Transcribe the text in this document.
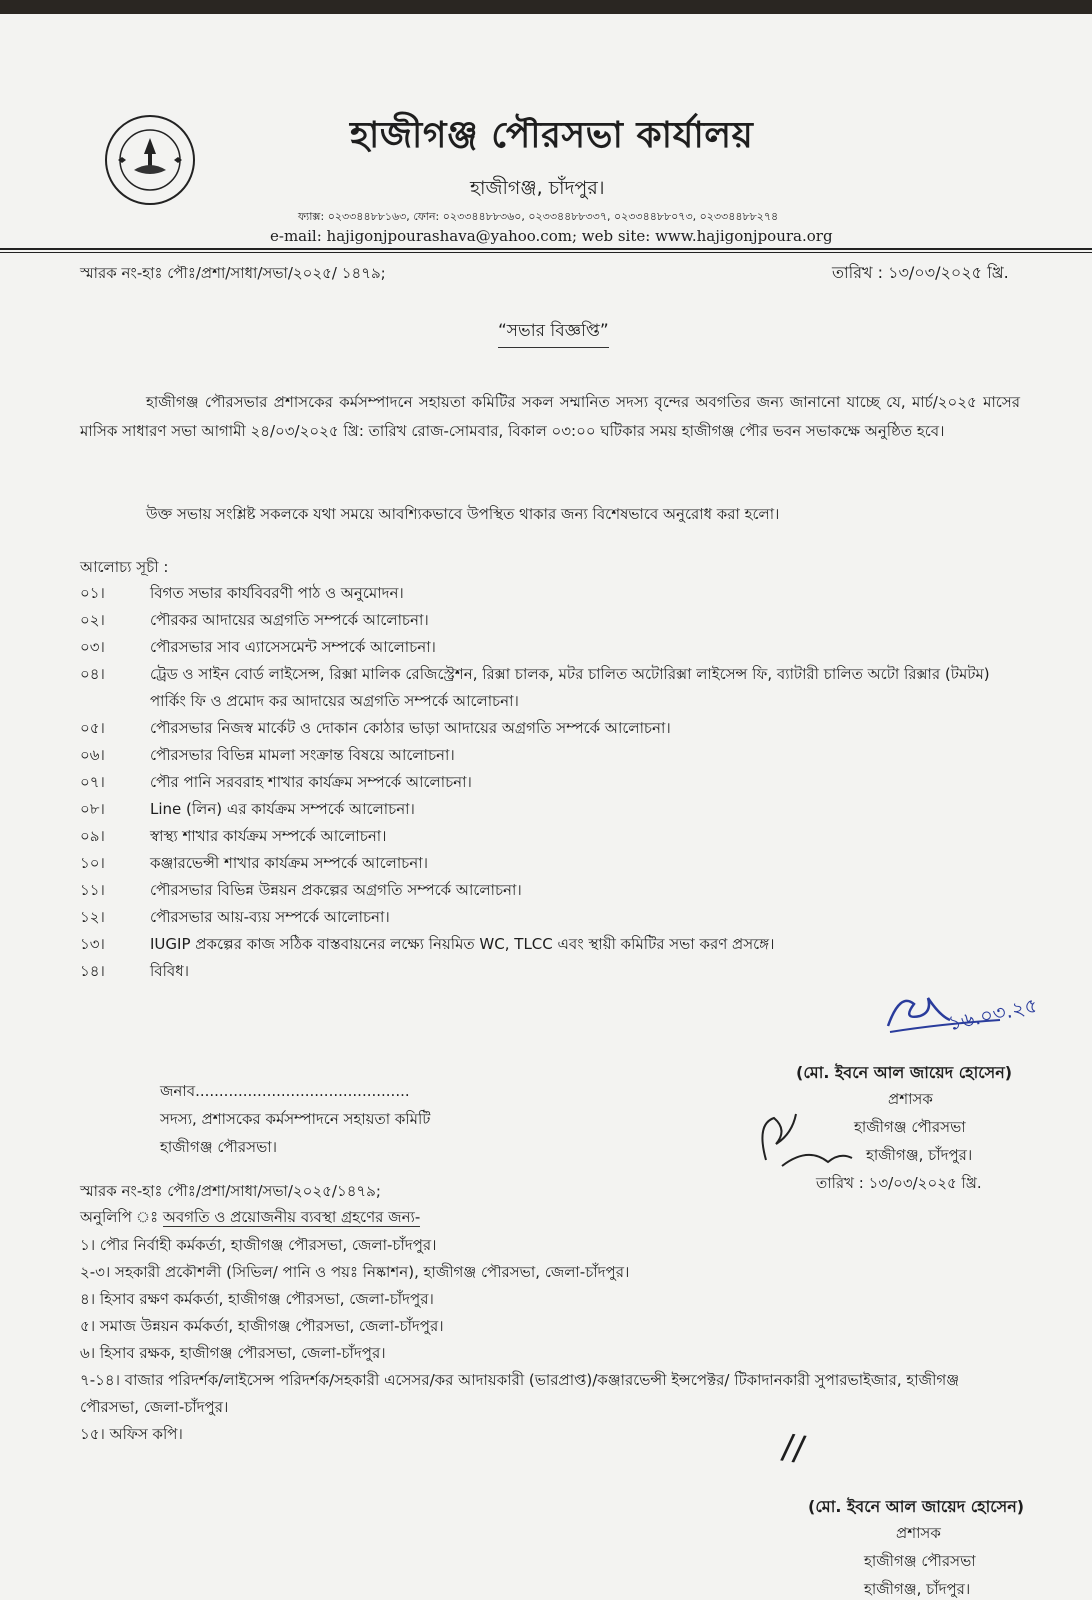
হাজীগঞ্জ পৌরসভা কার্যালয়
হাজীগঞ্জ, চাঁদপুর।
ফ্যাক্স: ০২৩৩৪৪৮৮১৬৩, ফোন: ০২৩৩৪৪৮৮৩৬০, ০২৩৩৪৪৮৮৩৩৭, ০২৩৩৪৪৮৮০৭৩, ০২৩৩৪৪৮৮২৭৪
e-mail: hajigonjpourashava@yahoo.com; web site: www.hajigonjpoura.org
স্মারক নং-হাঃ পৌঃ/প্রশা/সাধা/সভা/২০২৫/ ১৪৭৯;	তারিখ : ১৩/০৩/২০২৫ খ্রি.
“সভার বিজ্ঞপ্তি”
হাজীগঞ্জ পৌরসভার প্রশাসকের কর্মসম্পাদনে সহায়তা কমিটির সকল সম্মানিত সদস্য বৃন্দের অবগতির জন্য জানানো যাচ্ছে যে, মার্চ/২০২৫ মাসের মাসিক সাধারণ সভা আগামী ২৪/০৩/২০২৫ খ্রি: তারিখ রোজ-সোমবার, বিকাল ০৩:০০ ঘটিকার সময় হাজীগঞ্জ পৌর ভবন সভাকক্ষে অনুষ্ঠিত হবে।
উক্ত সভায় সংশ্লিষ্ট সকলকে যথা সময়ে আবশ্যিকভাবে উপস্থিত থাকার জন্য বিশেষভাবে অনুরোধ করা হলো।
আলোচ্য সূচী :
০১।	বিগত সভার কার্যবিবরণী পাঠ ও অনুমোদন।
০২।	পৌরকর আদায়ের অগ্রগতি সম্পর্কে আলোচনা।
০৩।	পৌরসভার সাব এ্যাসেসমেন্ট সম্পর্কে আলোচনা।
০৪।	ট্রেড ও সাইন বোর্ড লাইসেন্স, রিক্সা মালিক রেজিস্ট্রেশন, রিক্সা চালক, মটর চালিত অটোরিক্সা লাইসেন্স ফি, ব্যাটারী চালিত অটো রিক্সার (টমটম) পার্কিং ফি ও প্রমোদ কর আদায়ের অগ্রগতি সম্পর্কে আলোচনা।
০৫।	পৌরসভার নিজস্ব মার্কেট ও দোকান কোঠার ভাড়া আদায়ের অগ্রগতি সম্পর্কে আলোচনা।
০৬।	পৌরসভার বিভিন্ন মামলা সংক্রান্ত বিষয়ে আলোচনা।
০৭।	পৌর পানি সরবরাহ শাখার কার্যক্রম সম্পর্কে আলোচনা।
০৮।	Line (লিন) এর কার্যক্রম সম্পর্কে আলোচনা।
০৯।	স্বাস্থ্য শাখার কার্যক্রম সম্পর্কে আলোচনা।
১০।	কঞ্জারভেন্সী শাখার কার্যক্রম সম্পর্কে আলোচনা।
১১।	পৌরসভার বিভিন্ন উন্নয়ন প্রকল্পের অগ্রগতি সম্পর্কে আলোচনা।
১২।	পৌরসভার আয়-ব্যয় সম্পর্কে আলোচনা।
১৩।	IUGIP প্রকল্পের কাজ সঠিক বাস্তবায়নের লক্ষ্যে নিয়মিত WC, TLCC এবং স্থায়ী কমিটির সভা করণ প্রসঙ্গে।
১৪।	বিবিধ।
১৬.০৩.২৫
(মো. ইবনে আল জায়েদ হোসেন)
প্রশাসক
হাজীগঞ্জ পৌরসভা
হাজীগঞ্জ, চাঁদপুর।
তারিখ : ১৩/০৩/২০২৫ খ্রি.
জনাব.............................................
সদস্য, প্রশাসকের কর্মসম্পাদনে সহায়তা কমিটি
হাজীগঞ্জ পৌরসভা।
স্মারক নং-হাঃ পৌঃ/প্রশা/সাধা/সভা/২০২৫/১৪৭৯;
অনুলিপি ঃ অবগতি ও প্রয়োজনীয় ব্যবস্থা গ্রহণের জন্য-
১। পৌর নির্বাহী কর্মকর্তা, হাজীগঞ্জ পৌরসভা, জেলা-চাঁদপুর।
২-৩। সহকারী প্রকৌশলী (সিভিল/ পানি ও পয়ঃ নিষ্কাশন), হাজীগঞ্জ পৌরসভা, জেলা-চাঁদপুর।
৪। হিসাব রক্ষণ কর্মকর্তা, হাজীগঞ্জ পৌরসভা, জেলা-চাঁদপুর।
৫। সমাজ উন্নয়ন কর্মকর্তা, হাজীগঞ্জ পৌরসভা, জেলা-চাঁদপুর।
৬। হিসাব রক্ষক, হাজীগঞ্জ পৌরসভা, জেলা-চাঁদপুর।
৭-১৪। বাজার পরিদর্শক/লাইসেন্স পরিদর্শক/সহকারী এসেসর/কর আদায়কারী (ভারপ্রাপ্ত)/কঞ্জারভেন্সী ইন্সপেক্টর/ টিকাদানকারী সুপারভাইজার, হাজীগঞ্জ পৌরসভা, জেলা-চাঁদপুর।
১৫। অফিস কপি।	//
(মো. ইবনে আল জায়েদ হোসেন)
প্রশাসক
হাজীগঞ্জ পৌরসভা
হাজীগঞ্জ, চাঁদপুর।
